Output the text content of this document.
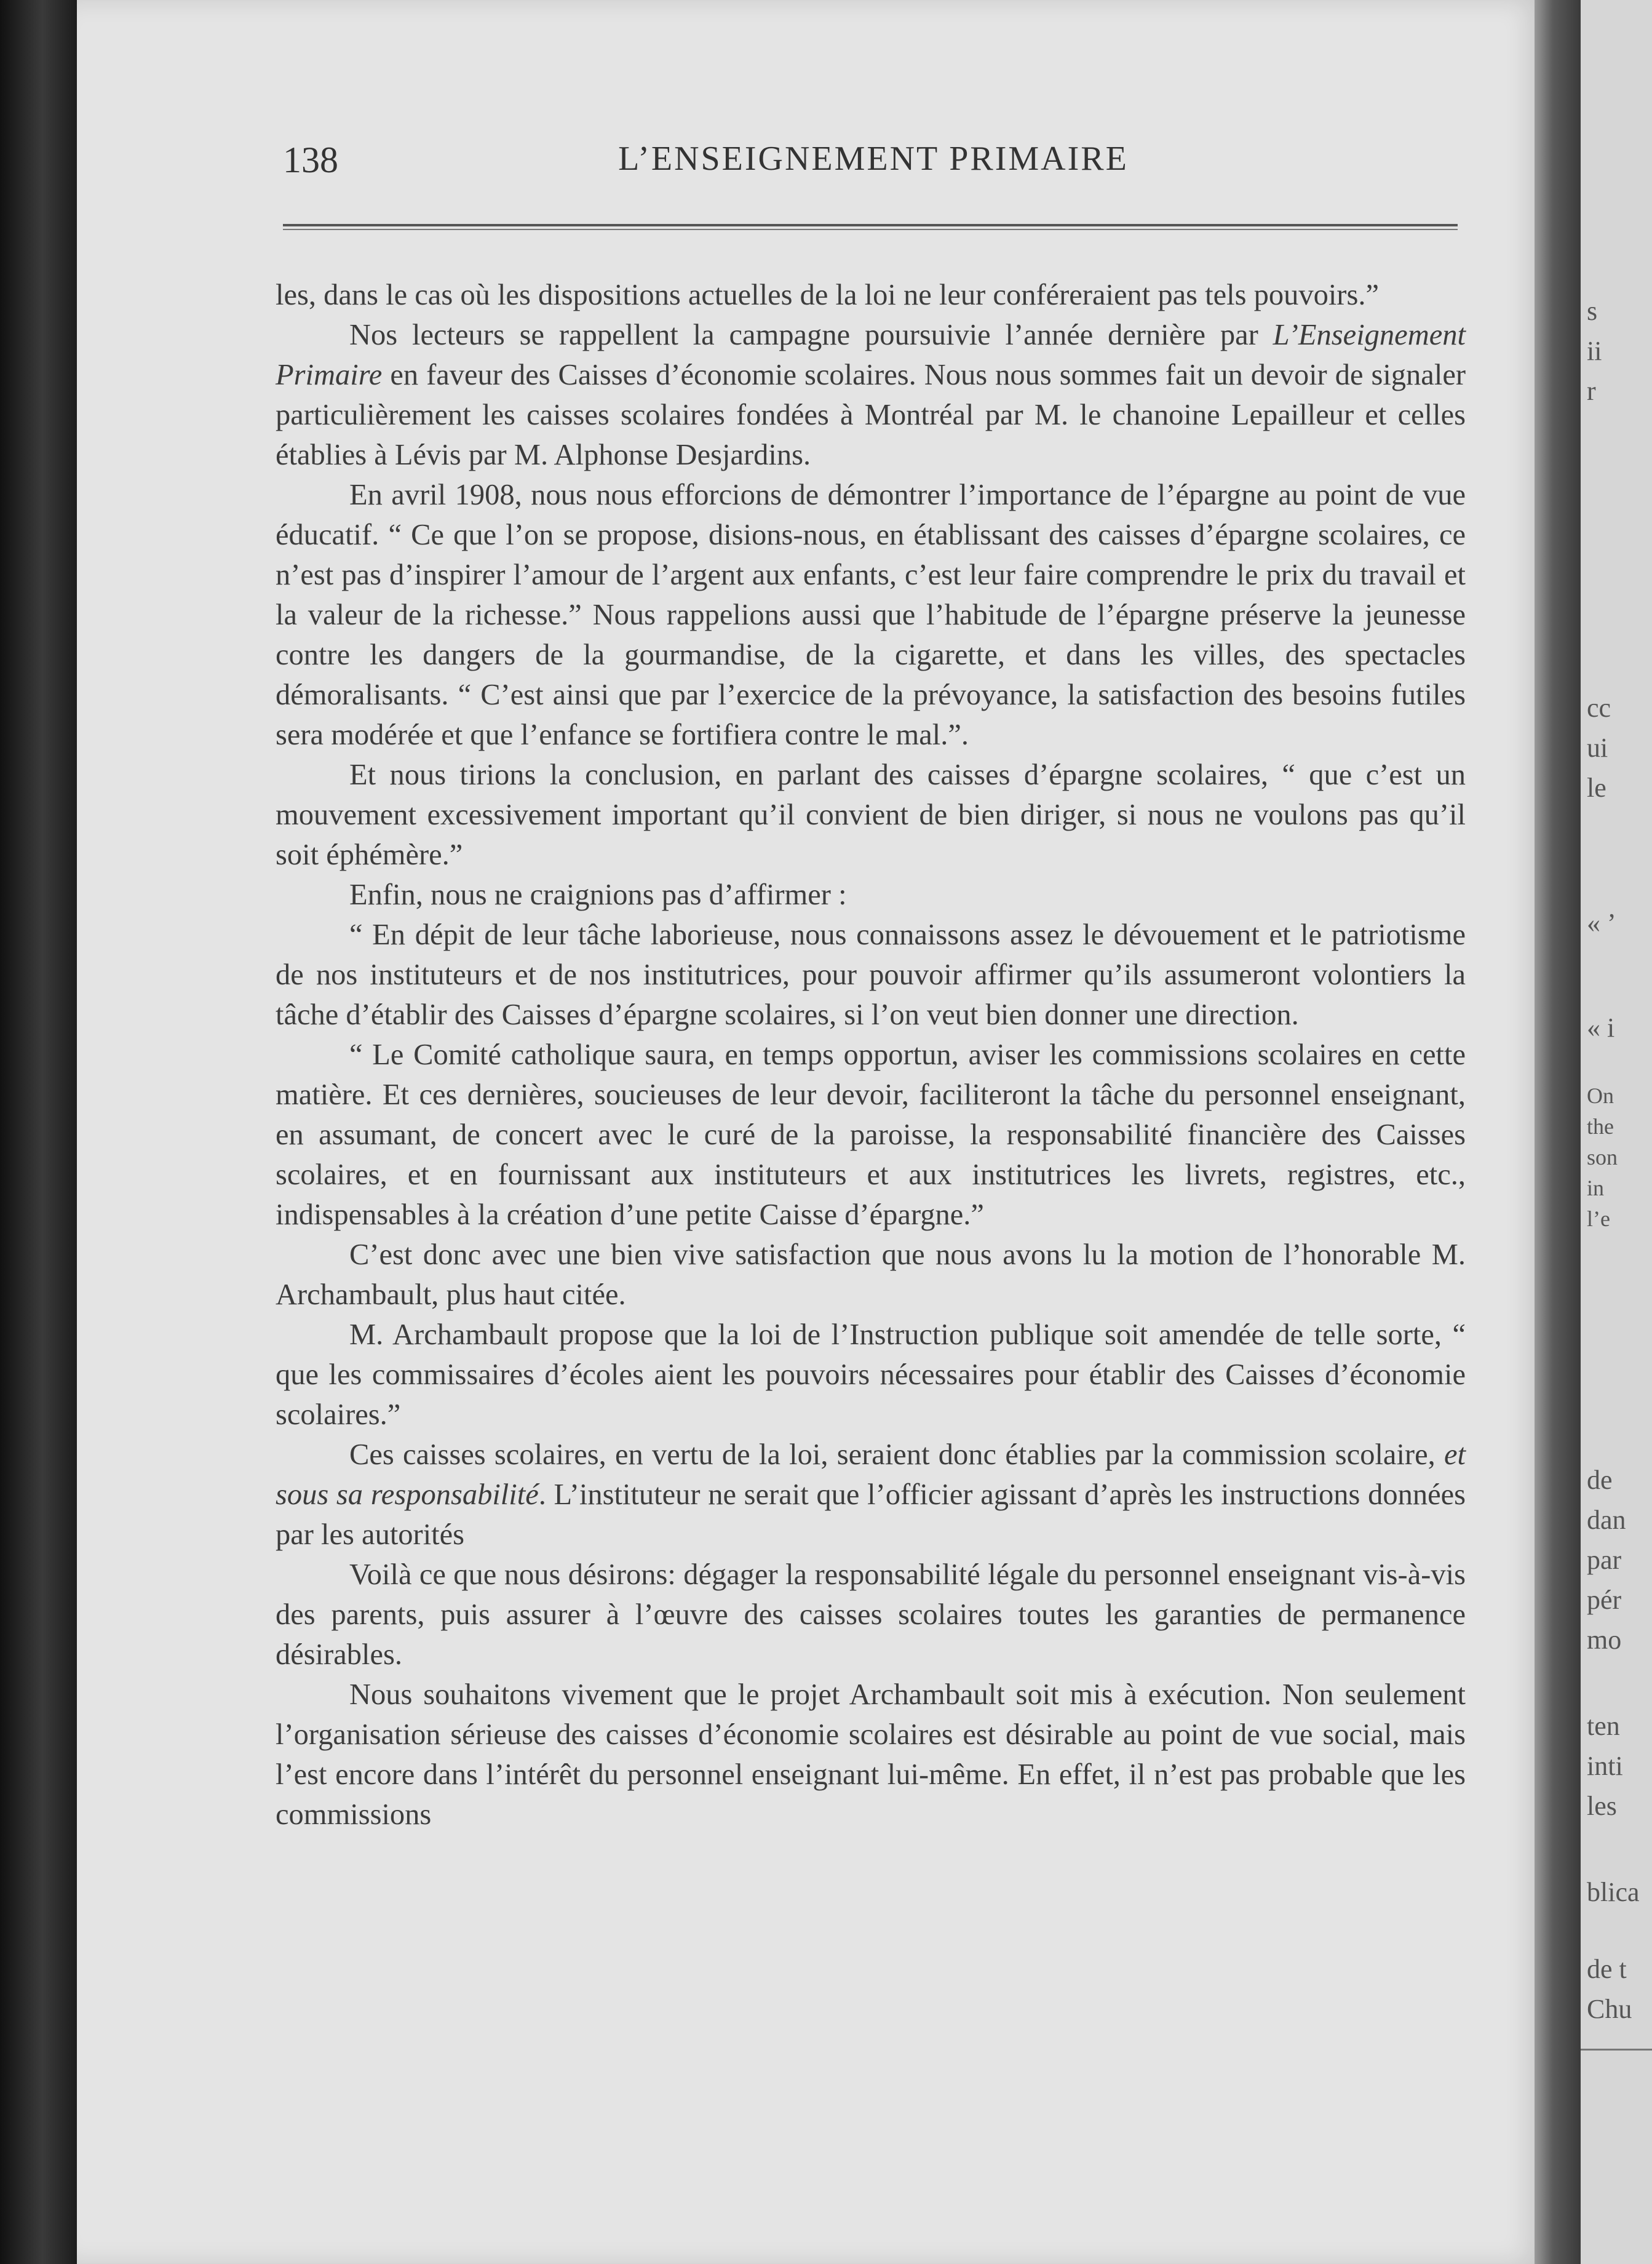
138	L’ENSEIGNEMENT PRIMAIRE

les, dans le cas où les dispositions actuelles de la loi ne leur conféreraient pas tels pouvoirs.”

Nos lecteurs se rappellent la campagne poursuivie l’année dernière par L’Enseignement Primaire en faveur des Caisses d’économie scolaires. Nous nous sommes fait un devoir de signaler particulièrement les caisses scolaires fondées à Montréal par M. le chanoine Lepailleur et celles établies à Lévis par M. Alphonse Desjardins.

En avril 1908, nous nous efforcions de démontrer l’importance de l’épargne au point de vue éducatif. “ Ce que l’on se propose, disions-nous, en établissant des caisses d’épargne scolaires, ce n’est pas d’inspirer l’amour de l’argent aux enfants, c’est leur faire comprendre le prix du travail et la valeur de la richesse.” Nous rappelions aussi que l’habitude de l’épargne préserve la jeunesse contre les dangers de la gourmandise, de la cigarette, et dans les villes, des spectacles démoralisants. “ C’est ainsi que par l’exercice de la prévoyance, la satisfaction des besoins futiles sera modérée et que l’enfance se fortifiera contre le mal.”.

Et nous tirions la conclusion, en parlant des caisses d’épargne scolaires, “ que c’est un mouvement excessivement important qu’il convient de bien diriger, si nous ne voulons pas qu’il soit éphémère.”

Enfin, nous ne craignions pas d’affirmer :

“ En dépit de leur tâche laborieuse, nous connaissons assez le dévouement et le patriotisme de nos instituteurs et de nos institutrices, pour pouvoir affirmer qu’ils assumeront volontiers la tâche d’établir des Caisses d’épargne scolaires, si l’on veut bien donner une direction.

“ Le Comité catholique saura, en temps opportun, aviser les commissions scolaires en cette matière. Et ces dernières, soucieuses de leur devoir, faciliteront la tâche du personnel enseignant, en assumant, de concert avec le curé de la paroisse, la responsabilité financière des Caisses scolaires, et en fournissant aux instituteurs et aux institutrices les livrets, registres, etc., indispensables à la création d’une petite Caisse d’épargne.”

C’est donc avec une bien vive satisfaction que nous avons lu la motion de l’honorable M. Archambault, plus haut citée.

M. Archambault propose que la loi de l’Instruction publique soit amendée de telle sorte, “ que les commissaires d’écoles aient les pouvoirs nécessaires pour établir des Caisses d’économie scolaires.”

Ces caisses scolaires, en vertu de la loi, seraient donc établies par la commission scolaire, et sous sa responsabilité. L’instituteur ne serait que l’officier agissant d’après les instructions données par les autorités

Voilà ce que nous désirons: dégager la responsabilité légale du personnel enseignant vis-à-vis des parents, puis assurer à l’œuvre des caisses scolaires toutes les garanties de permanence désirables.

Nous souhaitons vivement que le projet Archambault soit mis à exécution. Non seulement l’organisation sérieuse des caisses d’économie scolaires est désirable au point de vue social, mais l’est encore dans l’intérêt du personnel enseignant lui-même. En effet, il n’est pas probable que les commissions

s
ii
r
cc
ui
le
« ’
« i
On
the
son
in
l’e
de
dan
par
pér
mo
ten
inti
les
blica
de t
Chu
